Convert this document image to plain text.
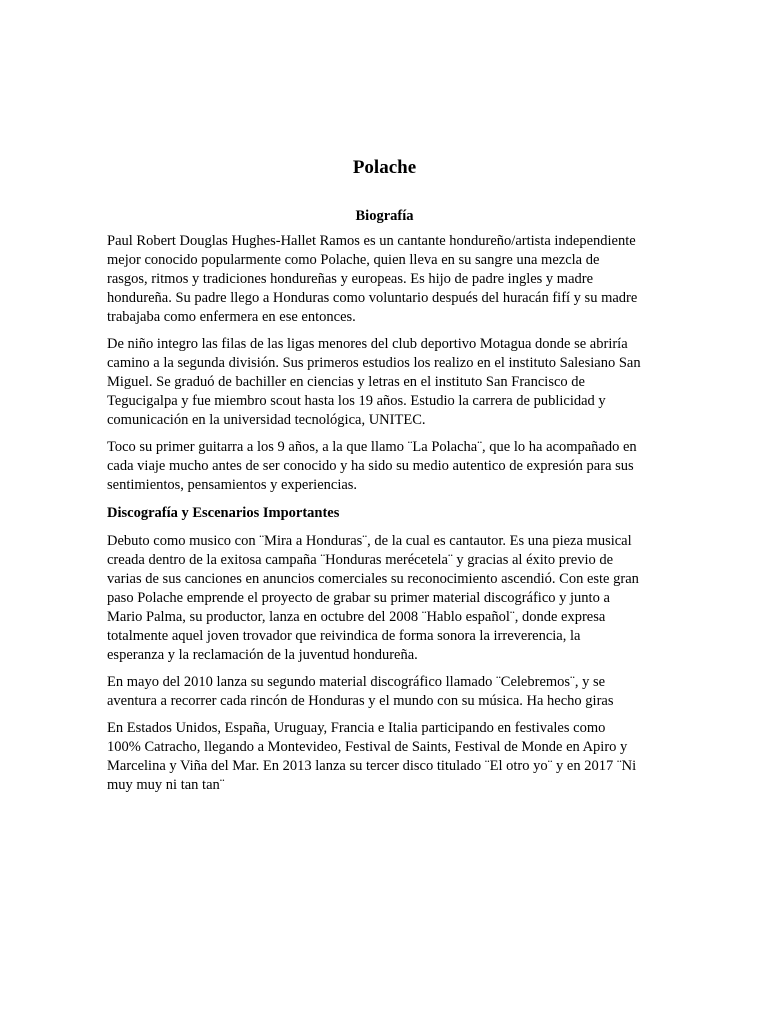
Polache
Biografía

Paul Robert Douglas Hughes-Hallet Ramos es un cantante hondureño/artista independiente
mejor conocido popularmente como Polache, quien lleva en su sangre una mezcla de
rasgos, ritmos y tradiciones hondureñas y europeas. Es hijo de padre ingles y madre
hondureña. Su padre llego a Honduras como voluntario después del huracán fifí y su madre
trabajaba como enfermera en ese entonces.

De niño integro las filas de las ligas menores del club deportivo Motagua donde se abriría
camino a la segunda división. Sus primeros estudios los realizo en el instituto Salesiano San
Miguel. Se graduó de bachiller en ciencias y letras en el instituto San Francisco de
Tegucigalpa y fue miembro scout hasta los 19 años. Estudio la carrera de publicidad y
comunicación en la universidad tecnológica, UNITEC.

Toco su primer guitarra a los 9 años, a la que llamo ¨La Polacha¨, que lo ha acompañado en
cada viaje mucho antes de ser conocido y ha sido su medio autentico de expresión para sus
sentimientos, pensamientos y experiencias.

Discografía y Escenarios Importantes

Debuto como musico con ¨Mira a Honduras¨, de la cual es cantautor. Es una pieza musical
creada dentro de la exitosa campaña ¨Honduras merécetela¨ y gracias al éxito previo de
varias de sus canciones en anuncios comerciales su reconocimiento ascendió. Con este gran
paso Polache emprende el proyecto de grabar su primer material discográfico y junto a
Mario Palma, su productor, lanza en octubre del 2008 ¨Hablo español¨, donde expresa
totalmente aquel joven trovador que reivindica de forma sonora la irreverencia, la
esperanza y la reclamación de la juventud hondureña.

En mayo del 2010 lanza su segundo material discográfico llamado ¨Celebremos¨, y se
aventura a recorrer cada rincón de Honduras y el mundo con su música. Ha hecho giras

En Estados Unidos, España, Uruguay, Francia e Italia participando en festivales como
100% Catracho, llegando a Montevideo, Festival de Saints, Festival de Monde en Apiro y
Marcelina y Viña del Mar. En 2013 lanza su tercer disco titulado ¨El otro yo¨ y en 2017 ¨Ni
muy muy ni tan tan¨
